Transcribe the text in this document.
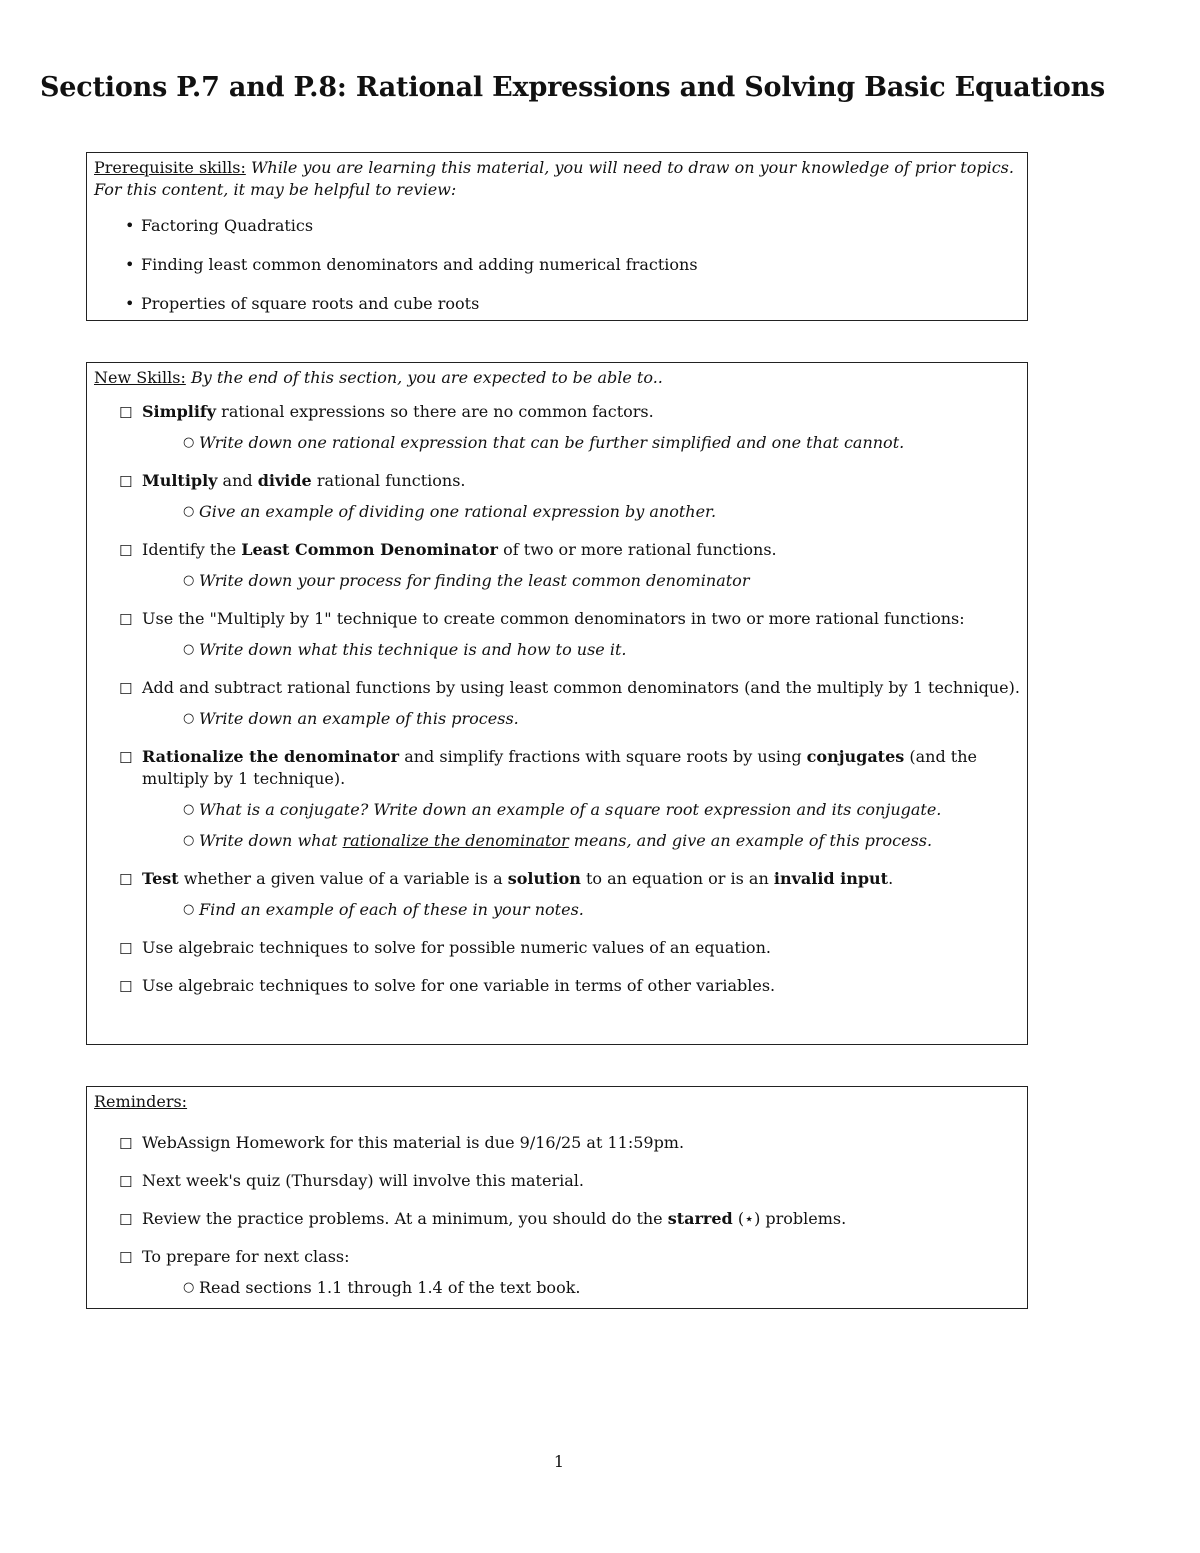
Sections P.7 and P.8: Rational Expressions and Solving Basic Equations
Prerequisite skills: While you are learning this material, you will need to draw on your knowledge of prior topics. For this content, it may be helpful to review:
• Factoring Quadratics
• Finding least common denominators and adding numerical fractions
• Properties of square roots and cube roots
New Skills: By the end of this section, you are expected to be able to..
☐ Simplify rational expressions so there are no common factors.
○ Write down one rational expression that can be further simplified and one that cannot.
☐ Multiply and divide rational functions.
○ Give an example of dividing one rational expression by another.
☐ Identify the Least Common Denominator of two or more rational functions.
○ Write down your process for finding the least common denominator
☐ Use the "Multiply by 1" technique to create common denominators in two or more rational functions:
○ Write down what this technique is and how to use it.
☐ Add and subtract rational functions by using least common denominators (and the multiply by 1 technique).
○ Write down an example of this process.
☐ Rationalize the denominator and simplify fractions with square roots by using conjugates (and the multiply by 1 technique).
○ What is a conjugate? Write down an example of a square root expression and its conjugate.
○ Write down what rationalize the denominator means, and give an example of this process.
☐ Test whether a given value of a variable is a solution to an equation or is an invalid input.
○ Find an example of each of these in your notes.
☐ Use algebraic techniques to solve for possible numeric values of an equation.
☐ Use algebraic techniques to solve for one variable in terms of other variables.
Reminders:
☐ WebAssign Homework for this material is due 9/16/25 at 11:59pm.
☐ Next week's quiz (Thursday) will involve this material.
☐ Review the practice problems. At a minimum, you should do the starred (⋆) problems.
☐ To prepare for next class:
○ Read sections 1.1 through 1.4 of the text book.
1
